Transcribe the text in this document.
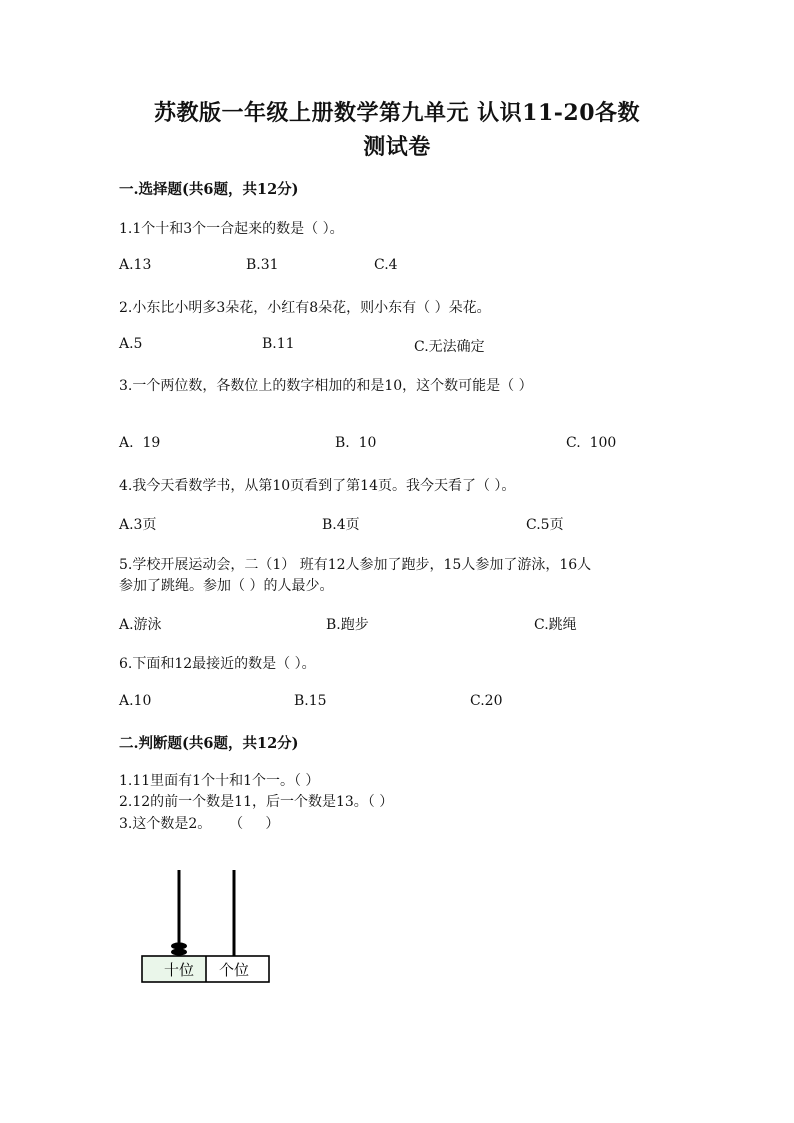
苏教版一年级上册数学第九单元 认识11-20各数
测试卷
一.选择题(共6题，共12分)
1.1个十和3个一合起来的数是（ ）。
A.13	B.31	C.4
2.小东比小明多3朵花，小红有8朵花，则小东有（ ）朵花。
A.5	B.11	C.无法确定
3.一个两位数，各数位上的数字相加的和是10，这个数可能是（ ）
A.  19	B.  10	C.  100
4.我今天看数学书，从第10页看到了第14页。我今天看了（ ）。
A.3页	B.4页	C.5页
5.学校开展运动会，二（1） 班有12人参加了跑步，15人参加了游泳，16人
参加了跳绳。参加（ ）的人最少。
A.游泳	B.跑步	C.跳绳
6.下面和12最接近的数是（ ）。
A.10	B.15	C.20
二.判断题(共6题，共12分)
1.11里面有1个十和1个一。（ ）
2.12的前一个数是11，后一个数是13。（ ）
3.这个数是2。    （     ）
十位 个位
